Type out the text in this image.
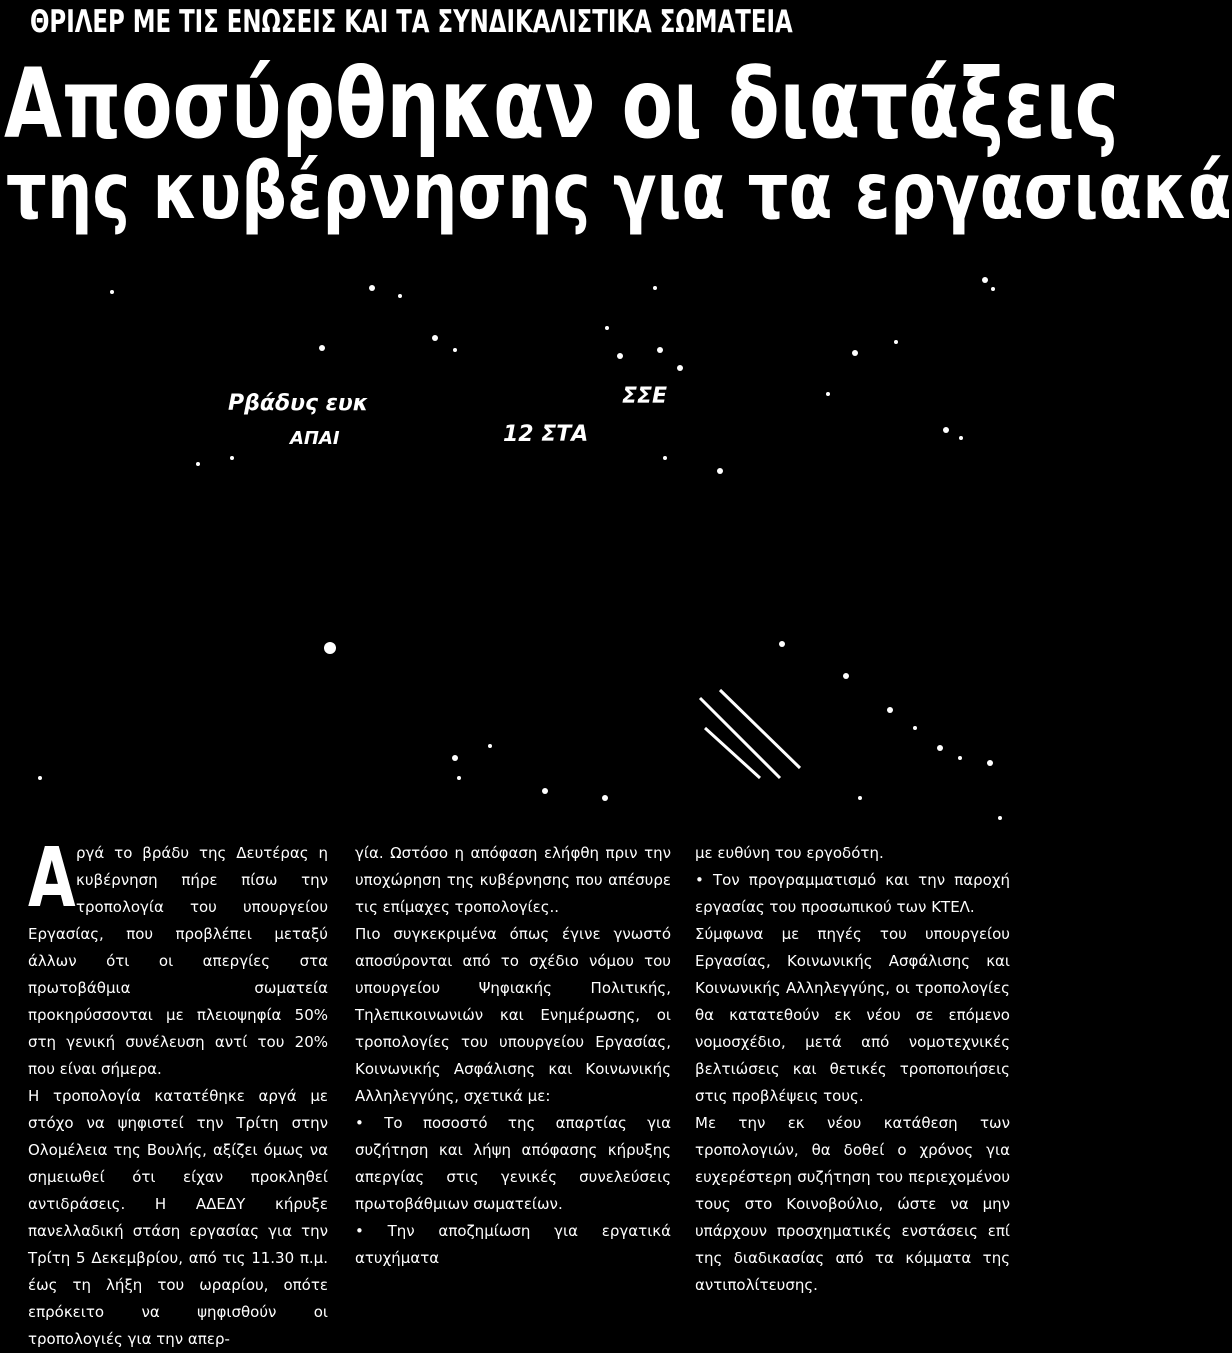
ΘΡΙΛΕΡ ΜΕ ΤΙΣ ΕΝΩΣΕΙΣ ΚΑΙ ΤΑ ΣΥΝΔΙΚΑΛΙΣΤΙΚΑ ΣΩΜΑΤΕΙΑ
Αποσύρθηκαν οι διατάξεις
της κυβέρνησης για τα εργασιακά
Ρβάδυς ευκ
ΑΠΑΙ
ΣΣΕ
12 ΣΤΑ
Α ργά το βράδυ της Δευτέρας η κυβέρνηση πήρε πίσω την τροπολογία του υπουργείου Εργασίας, που προβλέπει μεταξύ άλλων ότι οι απεργίες στα πρωτοβάθμια σωματεία προκηρύσσονται με πλειοψηφία 50% στη γενική συνέλευση αντί του 20% που είναι σήμερα.

Η τροπολογία κατατέθηκε αργά με στόχο να ψηφιστεί την Τρίτη στην Ολομέλεια της Βουλής, αξίζει όμως να σημειωθεί ότι είχαν προκληθεί αντιδράσεις. Η ΑΔΕΔΥ κήρυξε πανελλαδική στάση εργασίας για την Τρίτη 5 Δεκεμβρίου, από τις 11.30 π.μ. έως τη λήξη του ωραρίου, οπότε επρόκειτο να ψηφισθούν οι τροπολογιές για την απερ-

γία. Ωστόσο η απόφαση ελήφθη πριν την υποχώρηση της κυβέρνησης που απέσυρε τις επίμαχες τροπολογίες..

Πιο συγκεκριμένα όπως έγινε γνωστό αποσύρονται από το σχέδιο νόμου του υπουργείου Ψηφιακής Πολιτικής, Τηλεπικοινωνιών και Ενημέρωσης, οι τροπολογίες του υπουργείου Εργασίας, Κοινωνικής Ασφάλισης και Κοινωνικής Αλληλεγγύης, σχετικά με:

• Το ποσοστό της απαρτίας για συζήτηση και λήψη απόφασης κήρυξης απεργίας στις γενικές συνελεύσεις πρωτοβάθμιων σωματείων.

• Την αποζημίωση για εργατικά ατυχήματα

με ευθύνη του εργοδότη.

• Τον προγραμματισμό και την παροχή εργασίας του προσωπικού των ΚΤΕΛ.

Σύμφωνα με πηγές του υπουργείου Εργασίας, Κοινωνικής Ασφάλισης και Κοινωνικής Αλληλεγγύης, οι τροπολογίες θα κατατεθούν εκ νέου σε επόμενο νομοσχέδιο, μετά από νομοτεχνικές βελτιώσεις και θετικές τροποποιήσεις στις προβλέψεις τους.

Με την εκ νέου κατάθεση των τροπολογιών, θα δοθεί ο χρόνος για ευχερέστερη συζήτηση του περιεχομένου τους στο Κοινοβούλιο, ώστε να μην υπάρχουν προσχηματικές ενστάσεις επί της διαδικασίας από τα κόμματα της αντιπολίτευσης.
